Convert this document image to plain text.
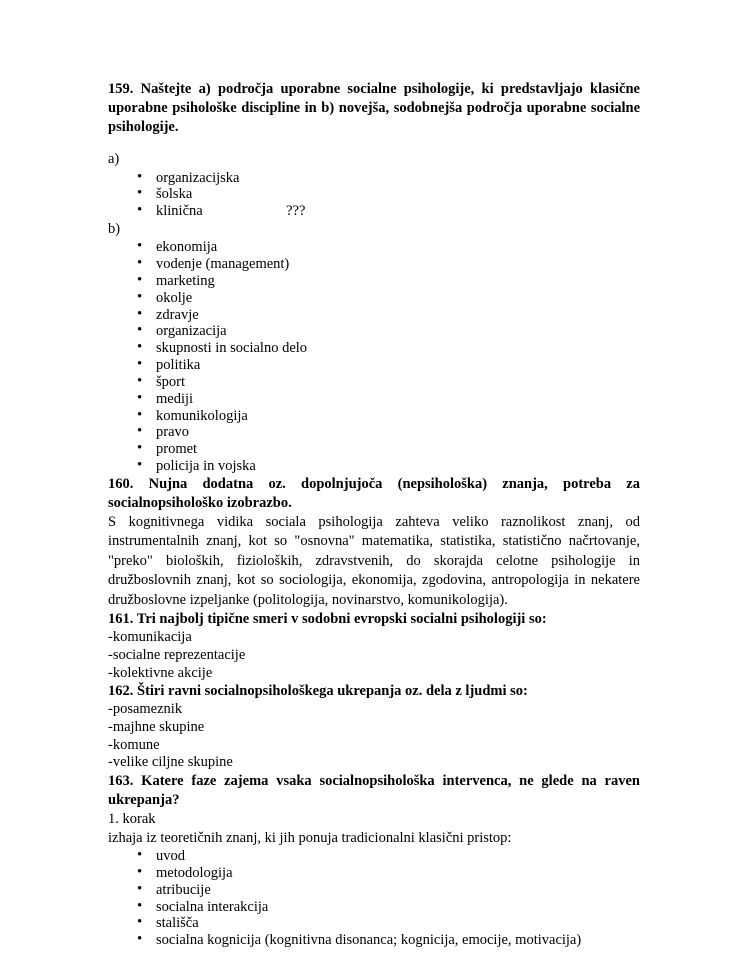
159. Naštejte a) področja uporabne socialne psihologije, ki predstavljajo klasične uporabne psihološke discipline in b) novejša, sodobnejša področja uporabne socialne psihologije.
a)
• organizacijska
• šolska
• klinična                       ???
b)
• ekonomija
• vodenje (management)
• marketing
• okolje
• zdravje
• organizacija
• skupnosti in socialno delo
• politika
• šport
• mediji
• komunikologija
• pravo
• promet
• policija in vojska
160. Nujna dodatna oz. dopolnjujoča (nepsihološka) znanja, potreba za socialnopsihološko izobrazbo.
S kognitivnega vidika sociala psihologija zahteva veliko raznolikost znanj, od instrumentalnih znanj, kot so "osnovna" matematika, statistika, statistično načrtovanje, "preko" bioloških, fizioloških, zdravstvenih, do skorajda celotne psihologije in družboslovnih znanj, kot so sociologija, ekonomija, zgodovina, antropologija in nekatere družboslovne izpeljanke (politologija, novinarstvo, komunikologija).
161. Tri najbolj tipične smeri v sodobni evropski socialni psihologiji so:
-komunikacija
-socialne reprezentacije
-kolektivne akcije
162. Štiri ravni socialnopsihološkega ukrepanja oz. dela z ljudmi so:
-posameznik
-majhne skupine
-komune
-velike ciljne skupine
163. Katere faze zajema vsaka socialnopsihološka intervenca, ne glede na raven ukrepanja?
1. korak
izhaja iz teoretičnih znanj, ki jih ponuja tradicionalni klasični pristop:
• uvod
• metodologija
• atribucije
• socialna interakcija
• stališča
• socialna kognicija (kognitivna disonanca; kognicija, emocije, motivacija)
